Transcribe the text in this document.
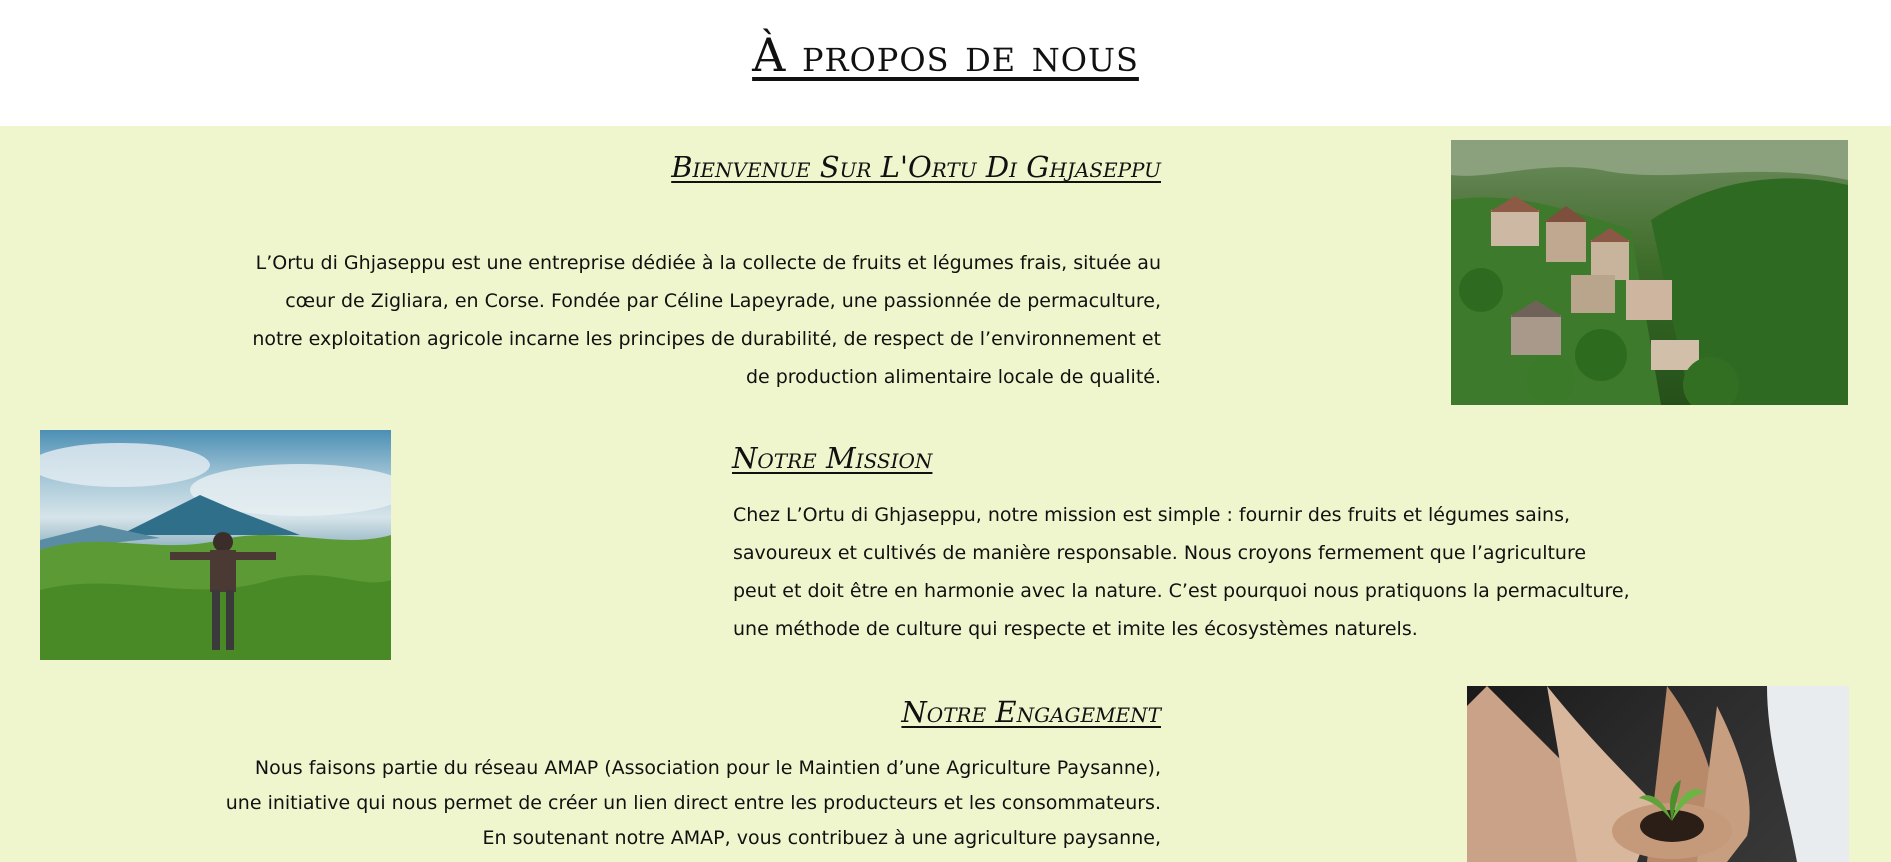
À propos de nous
Bienvenue Sur L'Ortu Di Ghjaseppu

L’Ortu di Ghjaseppu est une entreprise dédiée à la collecte de fruits et légumes frais, située au cœur de Zigliara, en Corse. Fondée par Céline Lapeyrade, une passionnée de permaculture, notre exploitation agricole incarne les principes de durabilité, de respect de l’environnement et de production alimentaire locale de qualité.

Notre Mission

Chez L’Ortu di Ghjaseppu, notre mission est simple : fournir des fruits et légumes sains, savoureux et cultivés de manière responsable. Nous croyons fermement que l’agriculture peut et doit être en harmonie avec la nature. C’est pourquoi nous pratiquons la permaculture, une méthode de culture qui respecte et imite les écosystèmes naturels.

Notre Engagement

Nous faisons partie du réseau AMAP (Association pour le Maintien d’une Agriculture Paysanne), une initiative qui nous permet de créer un lien direct entre les producteurs et les consommateurs. En soutenant notre AMAP, vous contribuez à une agriculture paysanne,
